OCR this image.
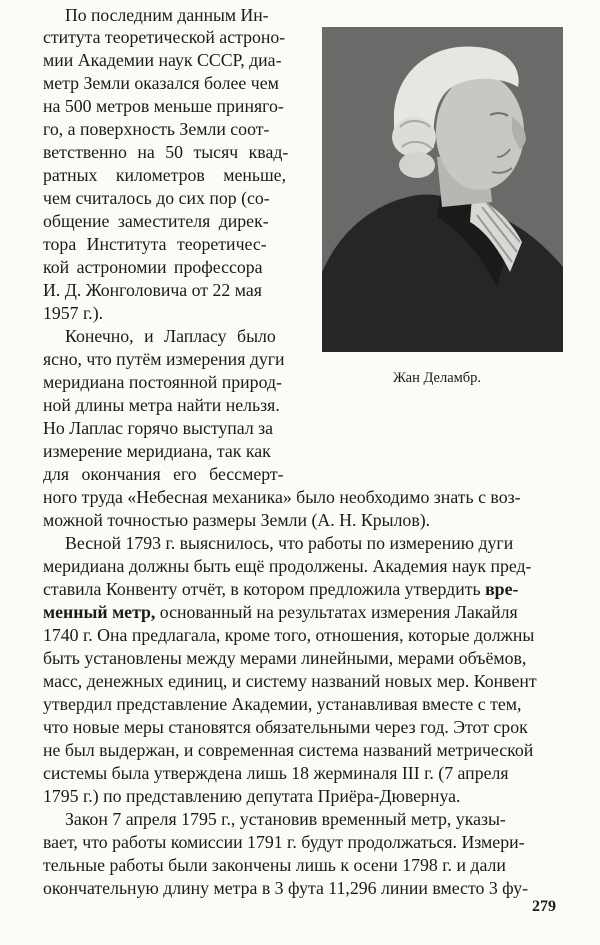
По последним данным Ин-
ститута теоретической астроно-
мии Академии наук СССР, диа-
метр Земли оказался более чем
на 500 метров меньше приняго-
го, а поверхность Земли соот-
ветственно на 50 тысяч квад-
ратных километров меньше,
чем считалось до сих пор (со-
общение заместителя дирек-
тора Института теоретичес-
кой астрономии профессора
И. Д. Жонголовича от 22 мая
1957 г.).
Конечно, и Лапласу было
ясно, что путём измерения дуги
меридиана постоянной природ-
ной длины метра найти нельзя.
Но Лаплас горячо выступал за
измерение меридиана, так как
для окончания его бессмерт-
Жан Деламбр.
ного труда «Небесная механика» было необходимо знать с воз-
можной точностью размеры Земли (А. Н. Крылов).
Весной 1793 г. выяснилось, что работы по измерению дуги
меридиана должны быть ещё продолжены. Академия наук пред-
ставила Конвенту отчёт, в котором предложила утвердить вре-
менный метр, основанный на результатах измерения Лакайля
1740 г. Она предлагала, кроме того, отношения, которые должны
быть установлены между мерами линейными, мерами объёмов,
масс, денежных единиц, и систему названий новых мер. Конвент
утвердил представление Академии, устанавливая вместе с тем,
что новые меры становятся обязательными через год. Этот срок
не был выдержан, и современная система названий метрической
системы была утверждена лишь 18 жерминаля III г. (7 апреля
1795 г.) по представлению депутата Приёра-Дювернуа.
Закон 7 апреля 1795 г., установив временный метр, указы-
вает, что работы комиссии 1791 г. будут продолжаться. Измери-
тельные работы были закончены лишь к осени 1798 г. и дали
окончательную длину метра в 3 фута 11,296 линии вместо 3 фу-
279
